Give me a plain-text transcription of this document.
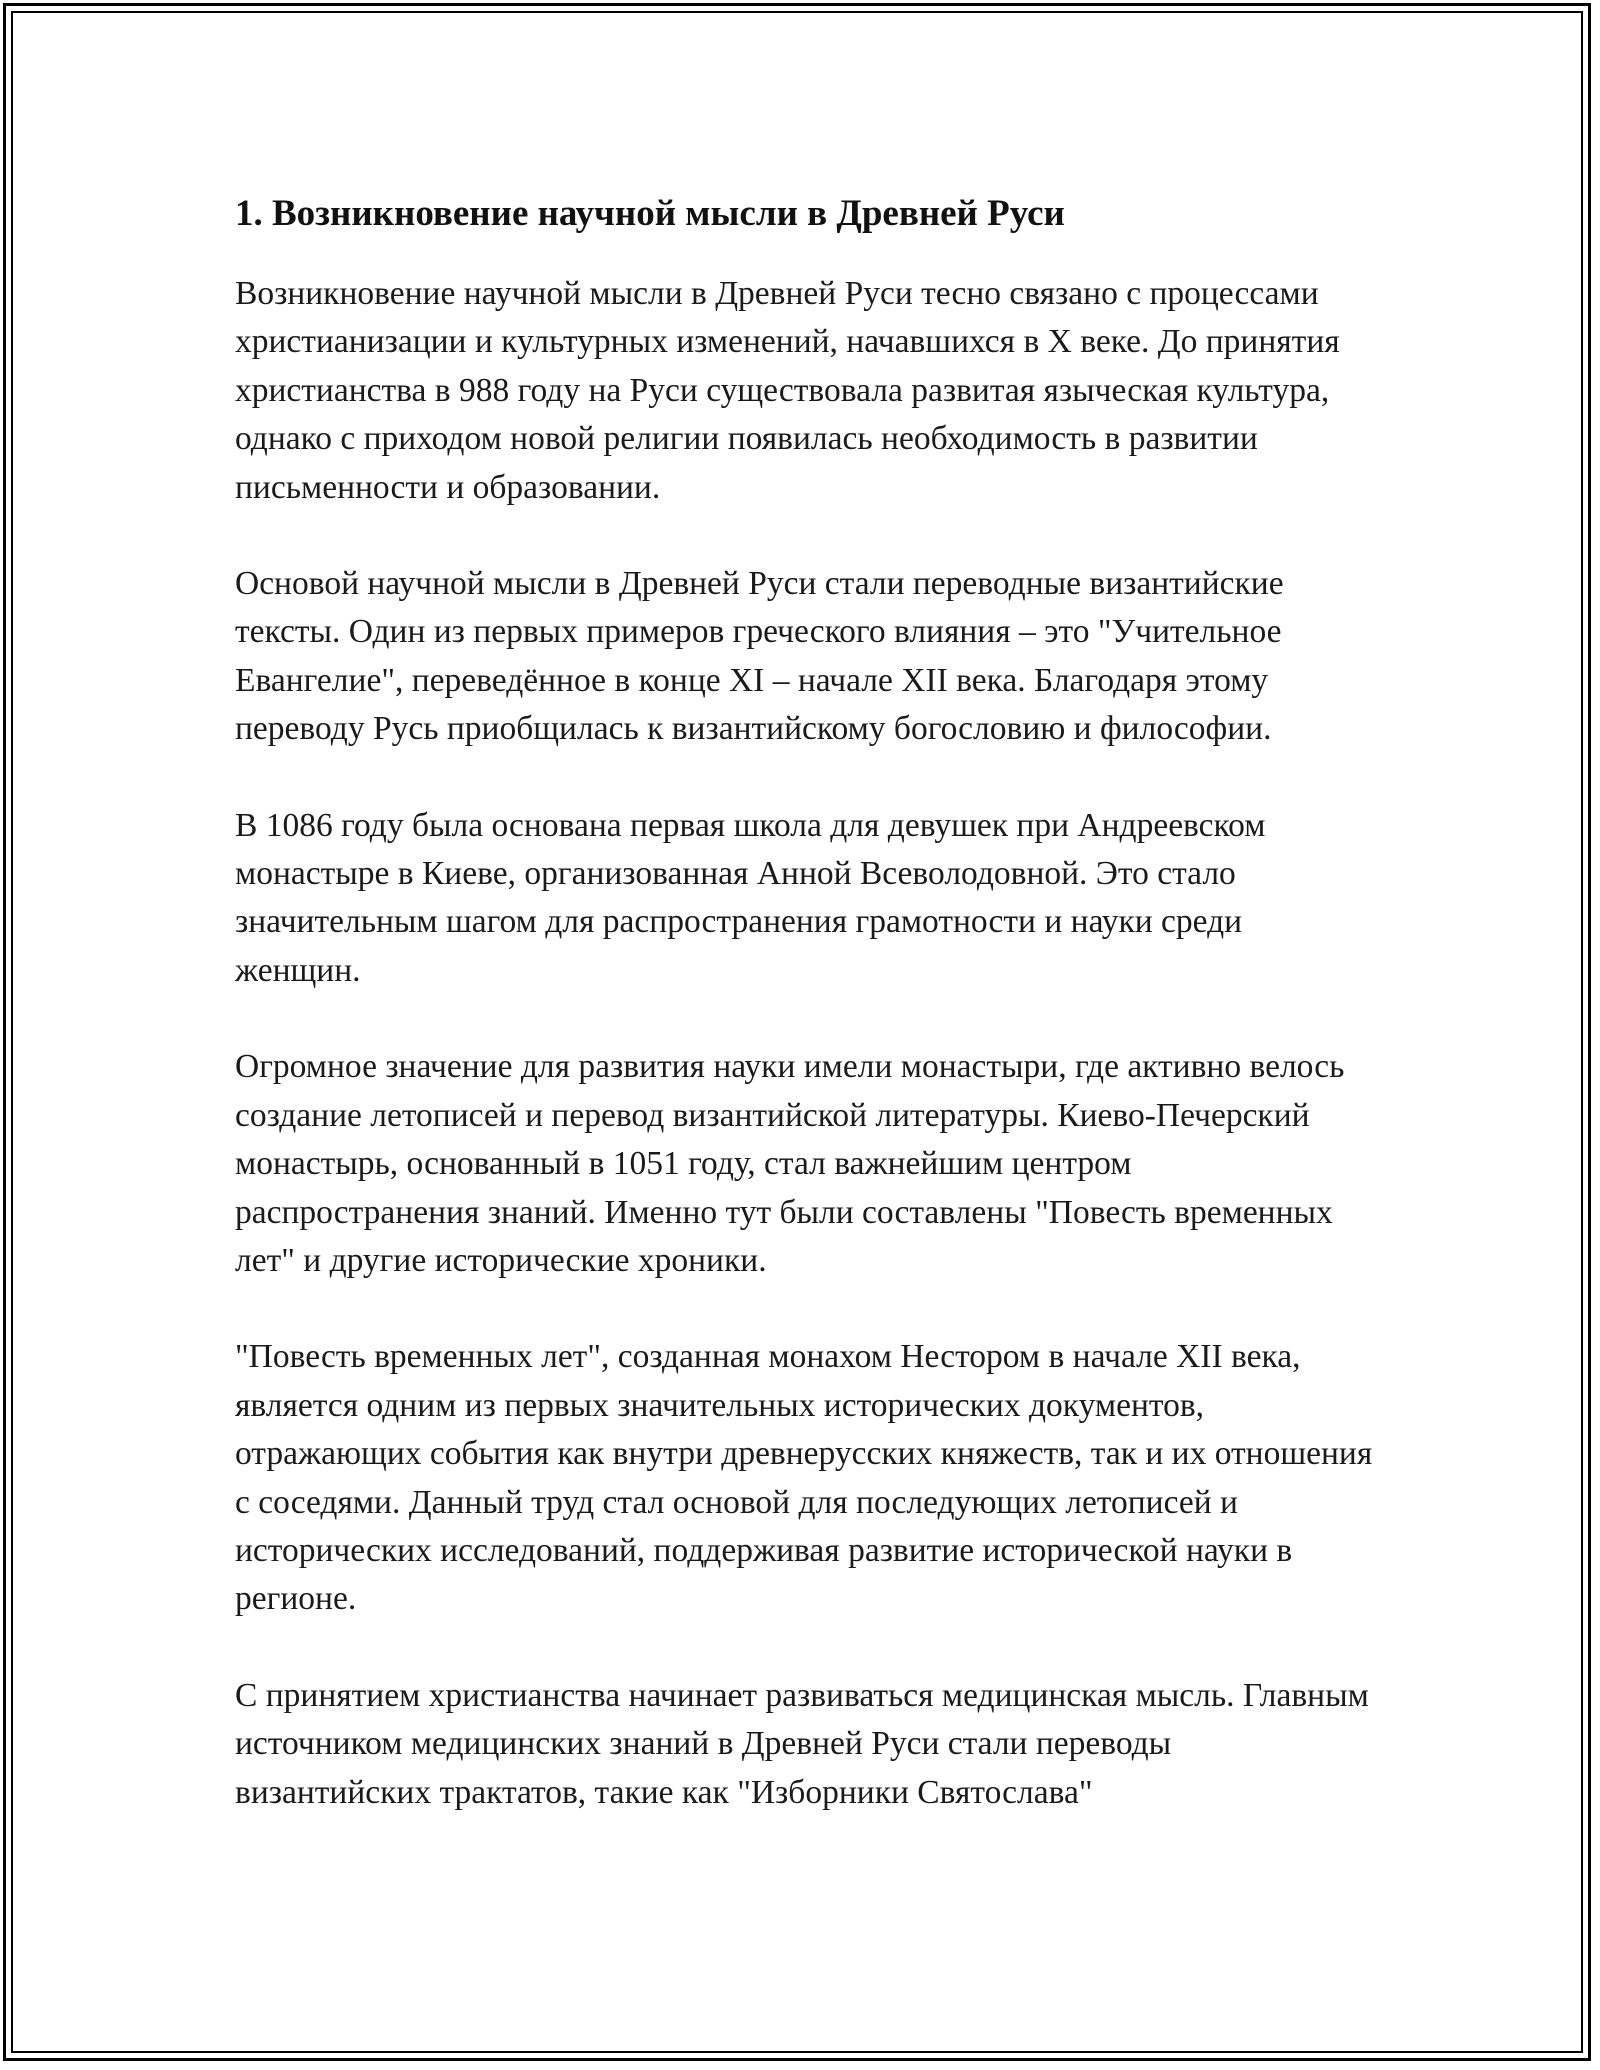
1. Возникновение научной мысли в Древней Руси

Возникновение научной мысли в Древней Руси тесно связано с процессами христианизации и культурных изменений, начавшихся в X веке. До принятия христианства в 988 году на Руси существовала развитая языческая культура, однако с приходом новой религии появилась необходимость в развитии письменности и образовании.

Основой научной мысли в Древней Руси стали переводные византийские тексты. Один из первых примеров греческого влияния – это "Учительное Евангелие", переведённое в конце XI – начале XII века. Благодаря этому переводу Русь приобщилась к византийскому богословию и философии.

В 1086 году была основана первая школа для девушек при Андреевском монастыре в Киеве, организованная Анной Всеволодовной. Это стало значительным шагом для распространения грамотности и науки среди женщин.

Огромное значение для развития науки имели монастыри, где активно велось создание летописей и перевод византийской литературы. Киево-Печерский монастырь, основанный в 1051 году, стал важнейшим центром распространения знаний. Именно тут были составлены "Повесть временных лет" и другие исторические хроники.

"Повесть временных лет", созданная монахом Нестором в начале XII века, является одним из первых значительных исторических документов, отражающих события как внутри древнерусских княжеств, так и их отношения с соседями. Данный труд стал основой для последующих летописей и исторических исследований, поддерживая развитие исторической науки в регионе.

С принятием христианства начинает развиваться медицинская мысль. Главным источником медицинских знаний в Древней Руси стали переводы византийских трактатов, такие как "Изборники Святослава"
